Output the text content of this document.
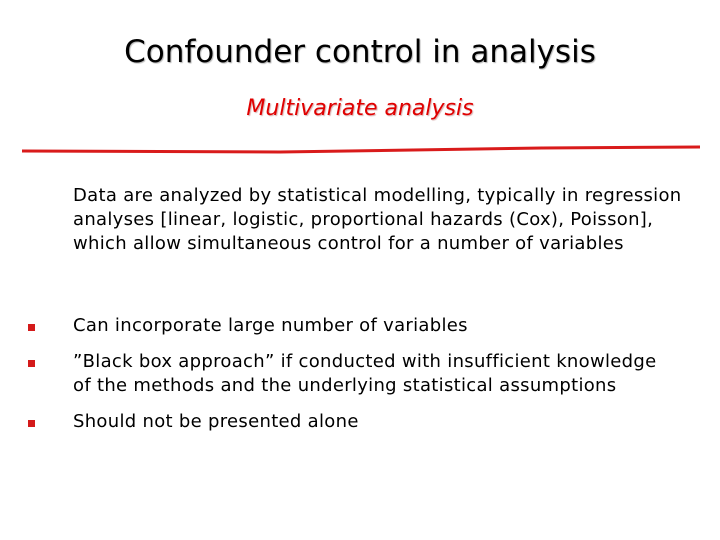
Confounder control in analysis
Multivariate analysis

Data are analyzed by statistical modelling, typically in regression analyses [linear, logistic, proportional hazards (Cox), Poisson], which allow simultaneous control for a number of variables

Can incorporate large number of variables
”Black box approach” if conducted with insufficient knowledge of the methods and the underlying statistical assumptions
Should not be presented alone
